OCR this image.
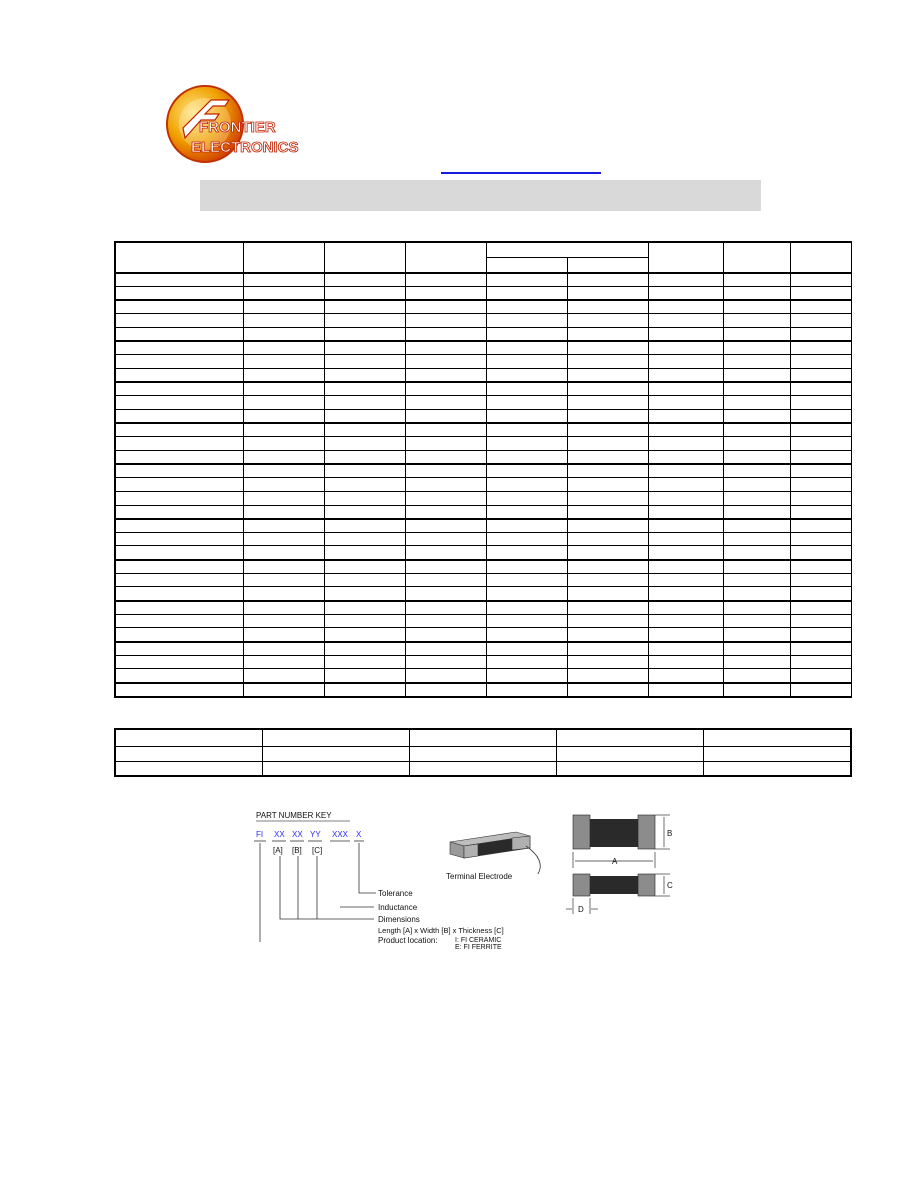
FRONTIER
ELECTRONICS

PART NUMBER KEY
FI XX XX YY XXX X
[A] [B] [C]
Tolerance
Inductance
Dimensions
Length [A] x Width [B] x Thickness [C]
Product location: I: FI CERAMIC
E: FI FERRITE
Terminal Electrode
B
A
C
D
